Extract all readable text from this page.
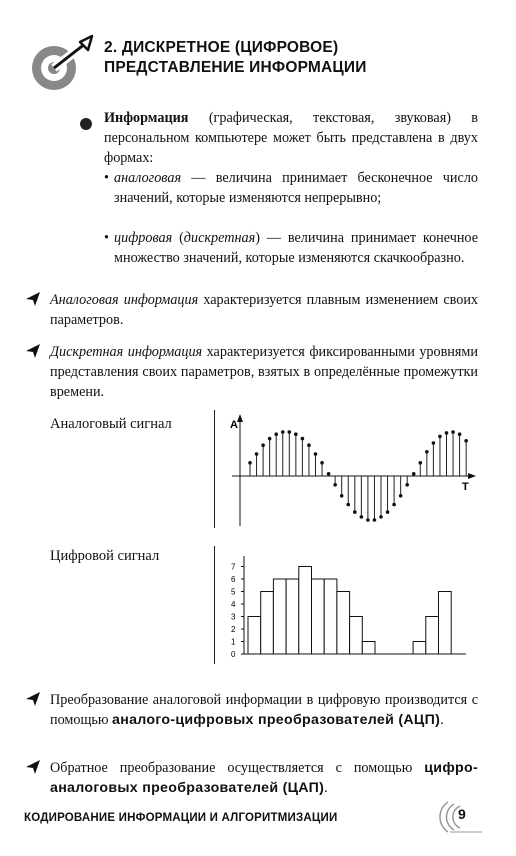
2. ДИСКРЕТНОЕ (ЦИФРОВОЕ)
ПРЕДСТАВЛЕНИЕ ИНФОРМАЦИИ
Информация (графическая, текстовая, звуковая) в персональном компьютере может быть представлена в двух формах:
• аналоговая — величина принимает бесконечное число значений, которые изменяются непрерывно;
• цифровая (дискретная) — величина принимает конечное множество значений, которые изменяются скачкообразно.
Аналоговая информация характеризуется плавным изменением своих параметров.
Дискретная информация характеризуется фиксированными уровнями представления своих параметров, взятых в определённые промежутки времени.
Аналоговый сигнал
Цифровой сигнал
A
T
0
1
2
3
4
5
6
7
Преобразование аналоговой информации в цифровую производится с помощью аналого-цифровых преобразователей (АЦП).
Обратное преобразование осуществляется с помощью цифро-аналоговых преобразователей (ЦАП).
КОДИРОВАНИЕ ИНФОРМАЦИИ И АЛГОРИТМИЗАЦИИ	9
